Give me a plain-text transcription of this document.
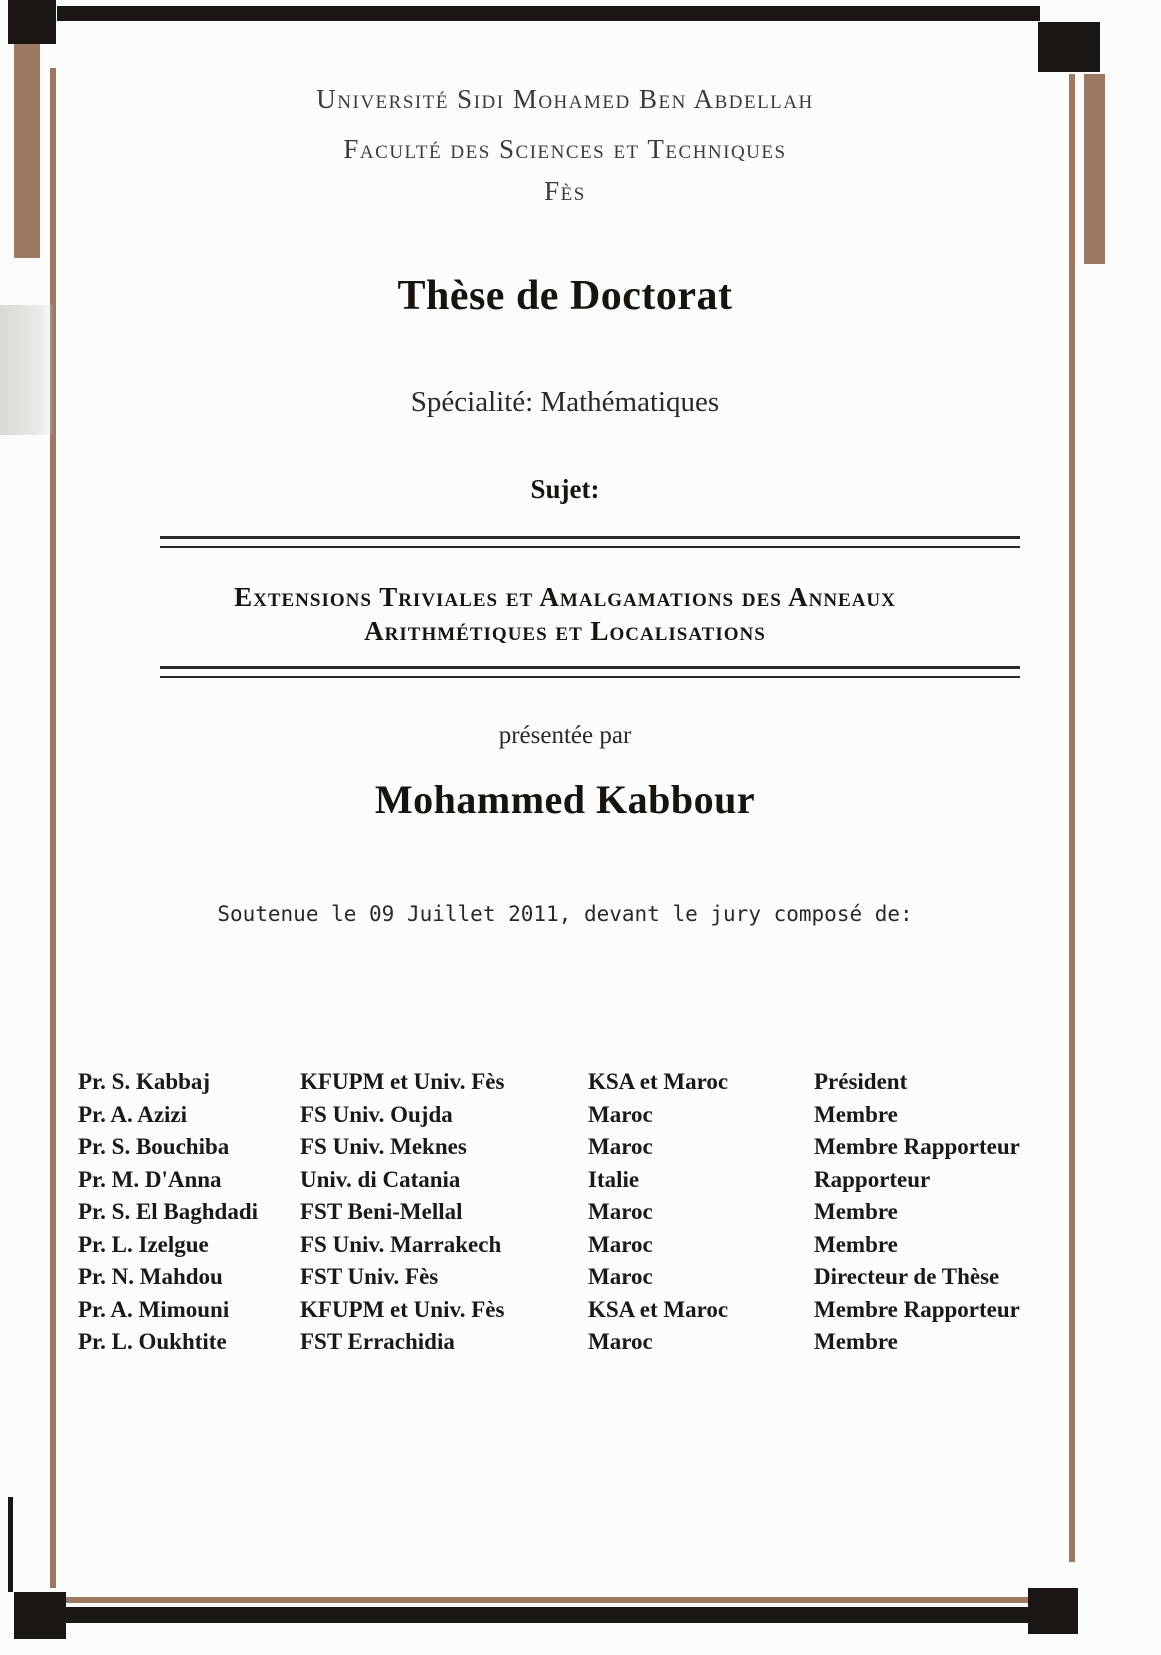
Université Sidi Mohamed Ben Abdellah
Faculté des Sciences et Techniques
Fès
Thèse de Doctorat
Spécialité: Mathématiques
Sujet:
Extensions Triviales et Amalgamations des Anneaux
Arithmétiques et Localisations
présentée par
Mohammed Kabbour
Soutenue le 09 Juillet 2011, devant le jury composé de:
Pr. S. Kabbaj	KFUPM et Univ. Fès	KSA et Maroc	Président
Pr. A. Azizi	FS Univ. Oujda	Maroc	Membre
Pr. S. Bouchiba	FS Univ. Meknes	Maroc	Membre Rapporteur
Pr. M. D'Anna	Univ. di Catania	Italie	Rapporteur
Pr. S. El Baghdadi	FST Beni-Mellal	Maroc	Membre
Pr. L. Izelgue	FS Univ. Marrakech	Maroc	Membre
Pr. N. Mahdou	FST Univ. Fès	Maroc	Directeur de Thèse
Pr. A. Mimouni	KFUPM et Univ. Fès	KSA et Maroc	Membre Rapporteur
Pr. L. Oukhtite	FST Errachidia	Maroc	Membre
